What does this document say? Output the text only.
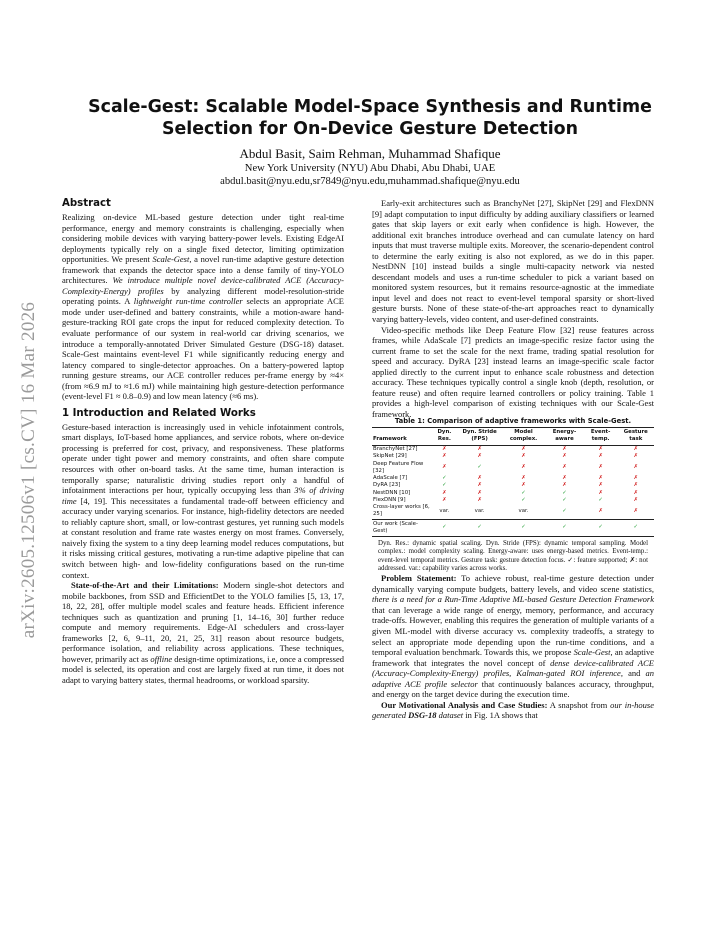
arXiv:2605.12506v1 [cs.CV] 16 Mar 2026
Scale-Gest: Scalable Model-Space Synthesis and Runtime
Selection for On-Device Gesture Detection
Abdul Basit, Saim Rehman, Muhammad Shafique
New York University (NYU) Abu Dhabi, Abu Dhabi, UAE
abdul.basit@nyu.edu,sr7849@nyu.edu,muhammad.shafique@nyu.edu
Abstract

Realizing on-device ML-based gesture detection under tight real-time performance, energy and memory constraints is challenging, especially when considering mobile devices with varying battery-power levels. Existing EdgeAI deployments typically rely on a single fixed detector, limiting optimization opportunities. We present Scale-Gest, a novel run-time adaptive gesture detection framework that expands the detector space into a dense family of tiny-YOLO architectures. We introduce multiple novel device-calibrated ACE (Accuracy-Complexity-Energy) profiles by analyzing different model-resolution-stride operating points. A lightweight run-time controller selects an appropriate ACE mode under user-defined and battery constraints, while a motion-aware hand-gesture-tracking ROI gate crops the input for reduced complexity detection. To evaluate performance of our system in real-world car driving scenarios, we introduce a temporally-annotated Driver Simulated Gesture (DSG-18) dataset. Scale-Gest maintains event-level F1 while significantly reducing energy and latency compared to single-detector approaches. On a battery-powered laptop running gesture streams, our ACE controller reduces per-frame energy by ≈4× (from ≈6.9 mJ to ≈1.6 mJ) while maintaining high gesture-detection performance (event-level F1 ≈ 0.8–0.9) and low mean latency (≈6 ms).

1 Introduction and Related Works

Gesture-based interaction is increasingly used in vehicle infotainment controls, smart displays, IoT-based home appliances, and service robots, where on-device processing is preferred for cost, privacy, and responsiveness. These platforms operate under tight power and memory constraints, and often share compute resources with other on-board tasks. At the same time, human interaction is temporally sparse; naturalistic driving studies report only a handful of infotainment interactions per hour, typically occupying less than 3% of driving time [4, 19]. This necessitates a fundamental trade-off between efficiency and accuracy under varying scenarios. For instance, high-fidelity detectors are needed to reliably capture short, small, or low-contrast gestures, yet running such models at constant resolution and frame rate wastes energy on most frames. Conversely, naively fixing the system to a tiny deep learning model reduces computations, but it risks missing critical gestures, motivating a run-time adaptive pipeline that can switch between high- and low-fidelity configurations based on the run-time context.

State-of-the-Art and their Limitations: Modern single-shot detectors and mobile backbones, from SSD and EfficientDet to the YOLO families [5, 13, 17, 18, 22, 28], offer multiple model scales and feature heads. Efficient inference techniques such as quantization and pruning [1, 14–16, 30] further reduce compute and memory requirements. Edge-AI schedulers and cross-layer frameworks [2, 6, 9–11, 20, 21, 25, 31] reason about resource budgets, performance isolation, and reliability across applications. These techniques, however, primarily act as offline design-time optimizations, i.e, once a compressed model is selected, its operation and cost are largely fixed at run time, it does not adapt to varying battery states, thermal headrooms, or workload sparsity.

Early-exit architectures such as BranchyNet [27], SkipNet [29] and FlexDNN [9] adapt computation to input difficulty by adding auxiliary classifiers or learned gates that skip layers or exit early when confidence is high. However, the additional exit branches introduce overhead and can cumulate latency on hard inputs that must traverse multiple exits. Moreover, the scenario-dependent control to determine the early exiting is also not explored, as we do in this paper. NestDNN [10] instead builds a single multi-capacity network via nested descendant models and uses a run-time scheduler to pick a variant based on monitored system resources, but it remains resource-agnostic at the immediate input level and does not react to event-level temporal sparsity or short-lived gesture bursts. None of these state-of-the-art approaches react to dynamically varying battery-levels, video content, and user-defined constraints.

Video-specific methods like Deep Feature Flow [32] reuse features across frames, while AdaScale [7] predicts an image-specific resize factor using the current frame to set the scale for the next frame, trading spatial resolution for speed and accuracy. DyRA [23] instead learns an image-specific scale factor applied directly to the current input to enhance scale robustness and detection accuracy. These techniques typically control a single knob (depth, resolution, or feature reuse) and often require learned controllers or policy training. Table 1 provides a high-level comparison of existing techniques with our Scale-Gest framework.

Table 1: Comparison of adaptive frameworks with Scale-Gest.
Framework	Dyn. Res.	Dyn. Stride (FPS)	Model complex.	Energy-aware	Event-temp.	Gesture task
BranchyNet [27]	✗	✗	✗	✗	✗	✗
SkipNet [29]	✗	✗	✗	✗	✗	✗
Deep Feature Flow [32]	✗	✓	✗	✗	✗	✗
AdaScale [7]	✓	✗	✗	✗	✗	✗
DyRA [23]	✓	✗	✗	✗	✗	✗
NestDNN [10]	✗	✗	✓	✓	✗	✗
FlexDNN [9]	✗	✗	✓	✓	✓	✗
Cross-layer works [6, 25]	var.	var.	var.	✓	✗	✗
Our work (Scale-Gest)	✓	✓	✓	✓	✓	✓
Dyn. Res.: dynamic spatial scaling. Dyn. Stride (FPS): dynamic temporal sampling. Model complex.: model complexity scaling. Energy-aware: uses energy-based metrics. Event-temp.: event-level temporal metrics. Gesture task: gesture detection focus. ✓: feature supported; ✗: not addressed. var.: capability varies across works.

Problem Statement: To achieve robust, real-time gesture detection under dynamically varying compute budgets, battery levels, and video scene statistics, there is a need for a Run-Time Adaptive ML-based Gesture Detection Framework that can leverage a wide range of energy, memory, performance, and accuracy trade-offs. However, enabling this requires the generation of multiple variants of a given ML-model with diverse accuracy vs. complexity tradeoffs, a strategy to select an appropriate mode depending upon the run-time conditions, and a temporal evaluation benchmark. Towards this, we propose Scale-Gest, an adaptive framework that integrates the novel concept of dense device-calibrated ACE (Accuracy-Complexity-Energy) profiles, Kalman-gated ROI inference, and an adaptive ACE profile selector that continuously balances accuracy, throughput, and energy on the target device during the execution time.

Our Motivational Analysis and Case Studies: A snapshot from our in-house generated DSG-18 dataset in Fig. 1A shows that
